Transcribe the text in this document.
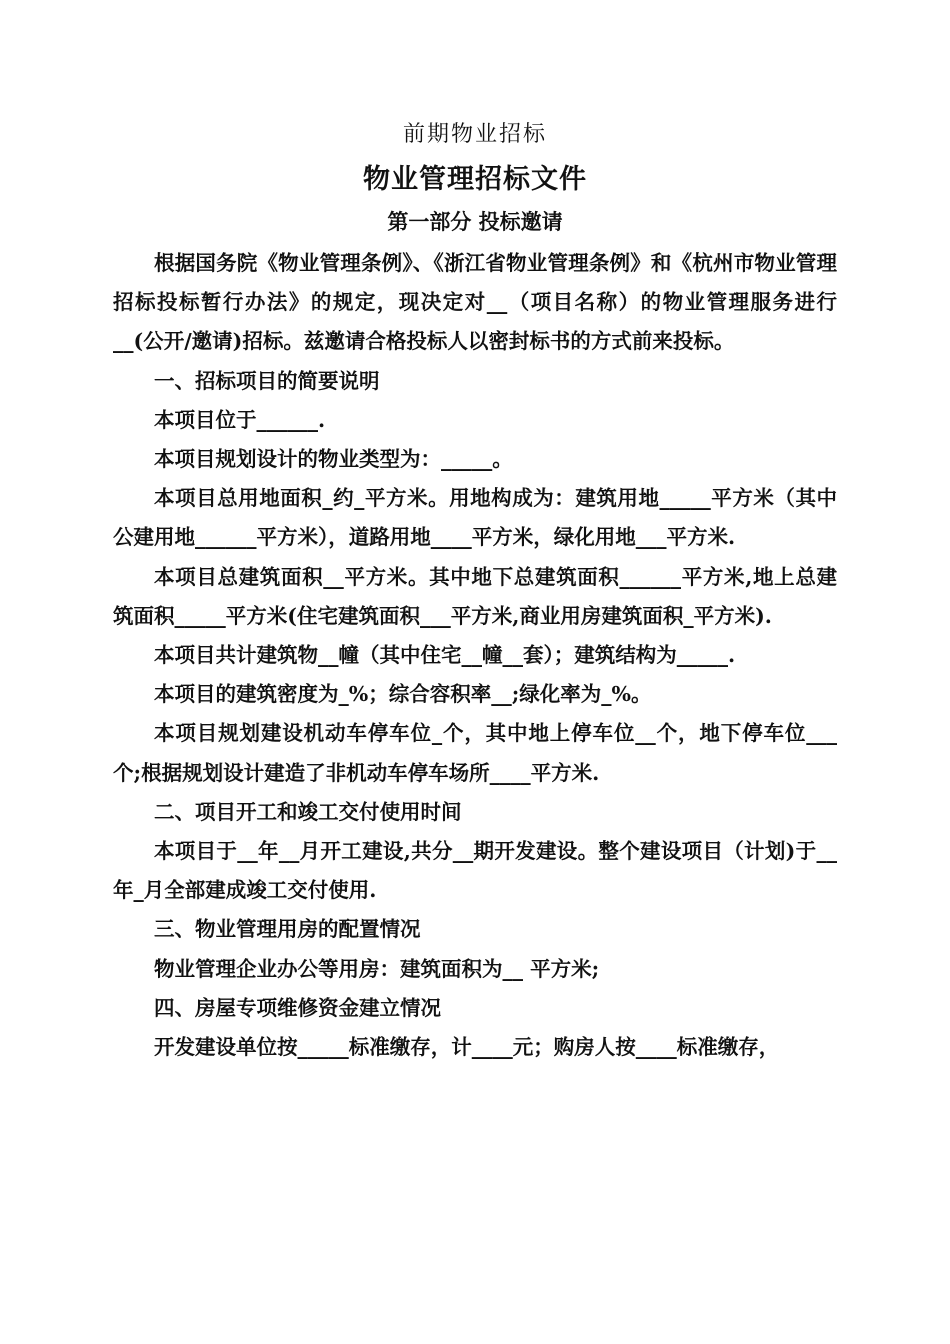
前期物业招标
物业管理招标文件
第一部分 投标邀请

根据国务院《物业管理条例》、《浙江省物业管理条例》和《杭州市物业管理招标投标暂行办法》的规定，现决定对__（项目名称）的物业管理服务进行__(公开/邀请)招标。兹邀请合格投标人以密封标书的方式前来投标。

一、招标项目的简要说明

本项目位于______.

本项目规划设计的物业类型为：_____。

本项目总用地面积_约_平方米。用地构成为：建筑用地_____平方米（其中公建用地______平方米），道路用地____平方米，绿化用地___平方米.

本项目总建筑面积__平方米。其中地下总建筑面积______平方米,地上总建筑面积_____平方米(住宅建筑面积___平方米,商业用房建筑面积_平方米).

本项目共计建筑物__幢（其中住宅__幢__套）；建筑结构为_____.

本项目的建筑密度为_%；综合容积率__;绿化率为_%。

本项目规划建设机动车停车位_个，其中地上停车位__个，地下停车位___个;根据规划设计建造了非机动车停车场所____平方米.

二、项目开工和竣工交付使用时间

本项目于__年__月开工建设,共分__期开发建设。整个建设项目（计划)于__年_月全部建成竣工交付使用.

三、物业管理用房的配置情况

物业管理企业办公等用房：建筑面积为__ 平方米;

四、房屋专项维修资金建立情况

开发建设单位按_____标准缴存，计____元；购房人按____标准缴存，
